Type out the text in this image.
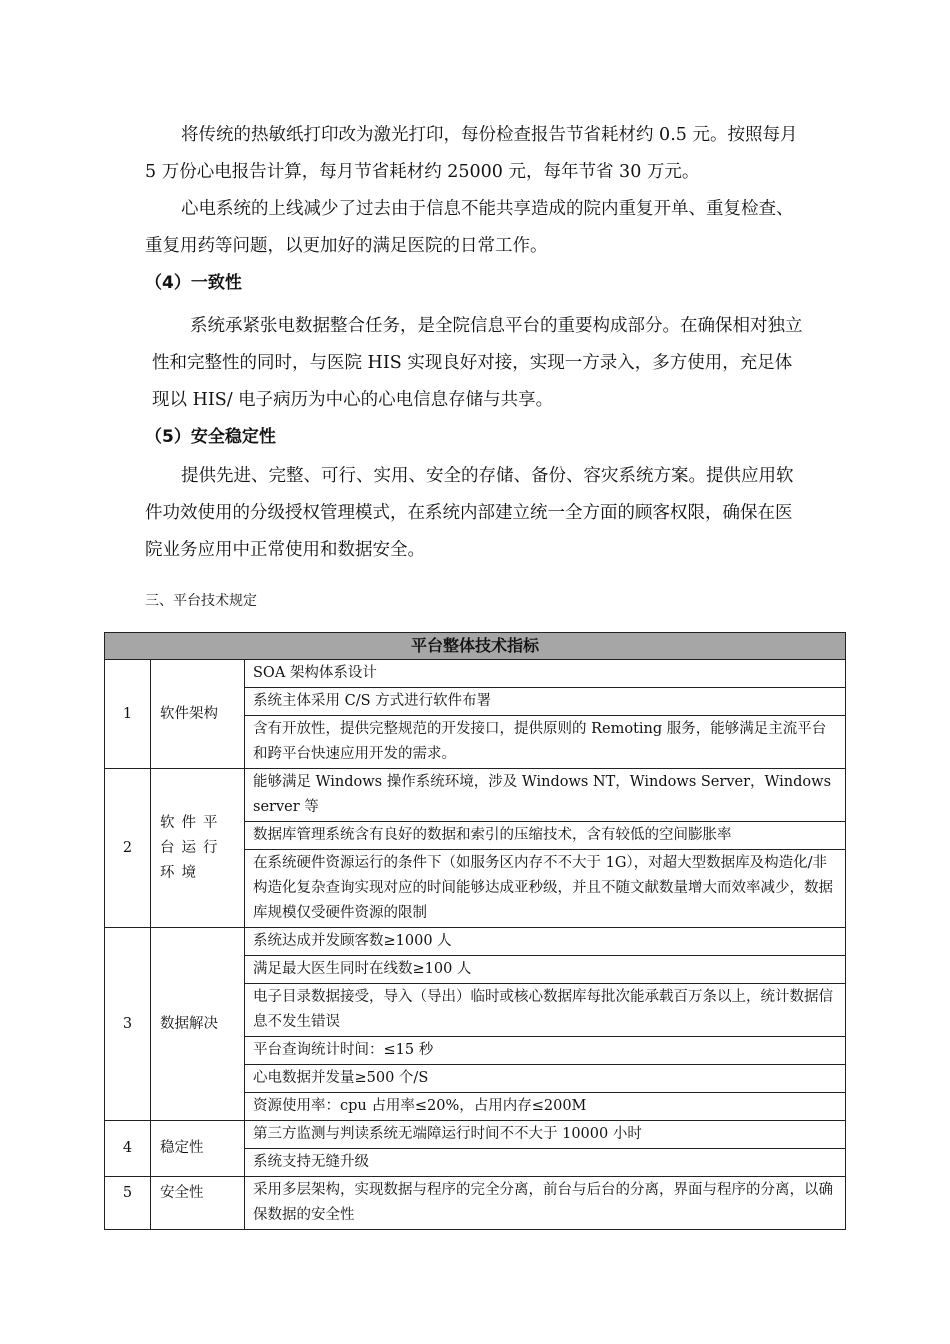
将传统的热敏纸打印改为激光打印，每份检查报告节省耗材约 0.5 元。按照每月 5 万份心电报告计算，每月节省耗材约 25000 元，每年节省 30 万元。
心电系统的上线减少了过去由于信息不能共享造成的院内重复开单、重复检查、重复用药等问题，以更加好的满足医院的日常工作。
（4）一致性
系统承紧张电数据整合任务，是全院信息平台的重要构成部分。在确保相对独立性和完整性的同时，与医院 HIS 实现良好对接，实现一方录入，多方使用，充足体现以 HIS/ 电子病历为中心的心电信息存储与共享。
（5）安全稳定性
提供先进、完整、可行、实用、安全的存储、备份、容灾系统方案。提供应用软件功效使用的分级授权管理模式，在系统内部建立统一全方面的顾客权限，确保在医院业务应用中正常使用和数据安全。
三、平台技术规定
平台整体技术指标		
1	软件架构	SOA 架构体系设计
		系统主体采用 C/S 方式进行软件布署
		含有开放性，提供完整规范的开发接口，提供原则的 Remoting 服务，能够满足主流平台和跨平台快速应用开发的需求。
2	软件平台运行环境	能够满足 Windows 操作系统环境，涉及 Windows NT，Windows Server，Windows server 等
		数据库管理系统含有良好的数据和索引的压缩技术，含有较低的空间膨胀率
		在系统硬件资源运行的条件下（如服务区内存不不大于 1G），对超大型数据库及构造化/非构造化复杂查询实现对应的时间能够达成亚秒级，并且不随文献数量增大而效率减少，数据库规模仅受硬件资源的限制
3	数据解决	系统达成并发顾客数≥1000 人
		满足最大医生同时在线数≥100 人
		电子目录数据接受，导入（导出）临时或核心数据库每批次能承载百万条以上，统计数据信息不发生错误
		平台查询统计时间：≤15 秒
		心电数据并发量≥500 个/S
		资源使用率：cpu 占用率≤20%，占用内存≤200M
4	稳定性	第三方监测与判读系统无端障运行时间不不大于 10000 小时
		系统支持无缝升级
5	安全性	采用多层架构，实现数据与程序的完全分离，前台与后台的分离，界面与程序的分离，以确保数据的安全性
